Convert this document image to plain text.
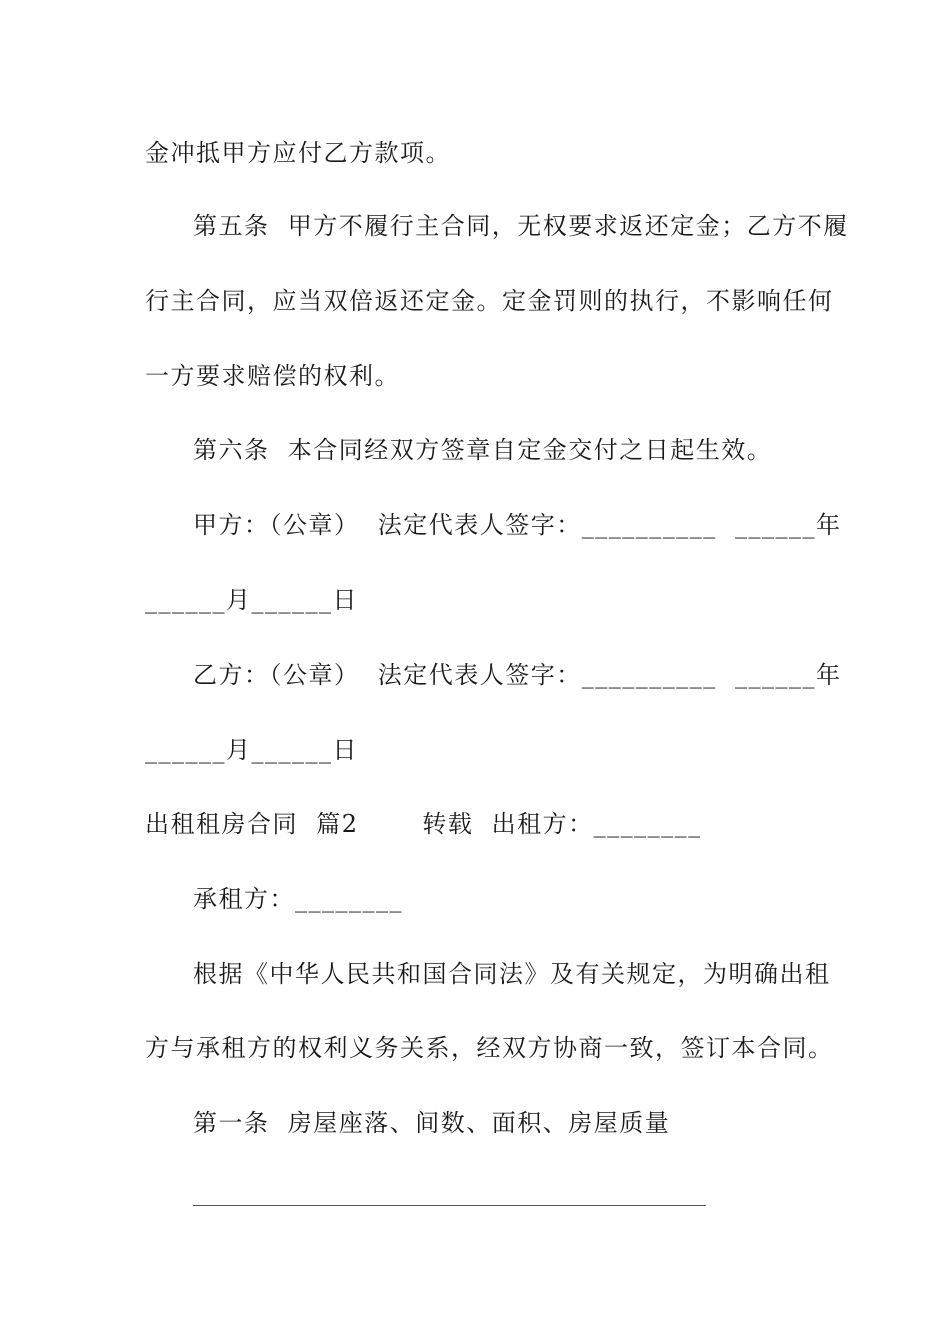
金冲抵甲方应付乙方款项。
第五条  甲方不履行主合同，无权要求返还定金；乙方不履
行主合同，应当双倍返还定金。定金罚则的执行，不影响任何
一方要求赔偿的权利。
第六条  本合同经双方签章自定金交付之日起生效。
甲方：（公章）  法定代表人签字：__________  ______年
______月______日
乙方：（公章）  法定代表人签字：__________  ______年
______月______日
出租租房合同  篇2       转载  出租方：________
承租方：________
根据《中华人民共和国合同法》及有关规定，为明确出租
方与承租方的权利义务关系，经双方协商一致，签订本合同。
第一条  房屋座落、间数、面积、房屋质量
